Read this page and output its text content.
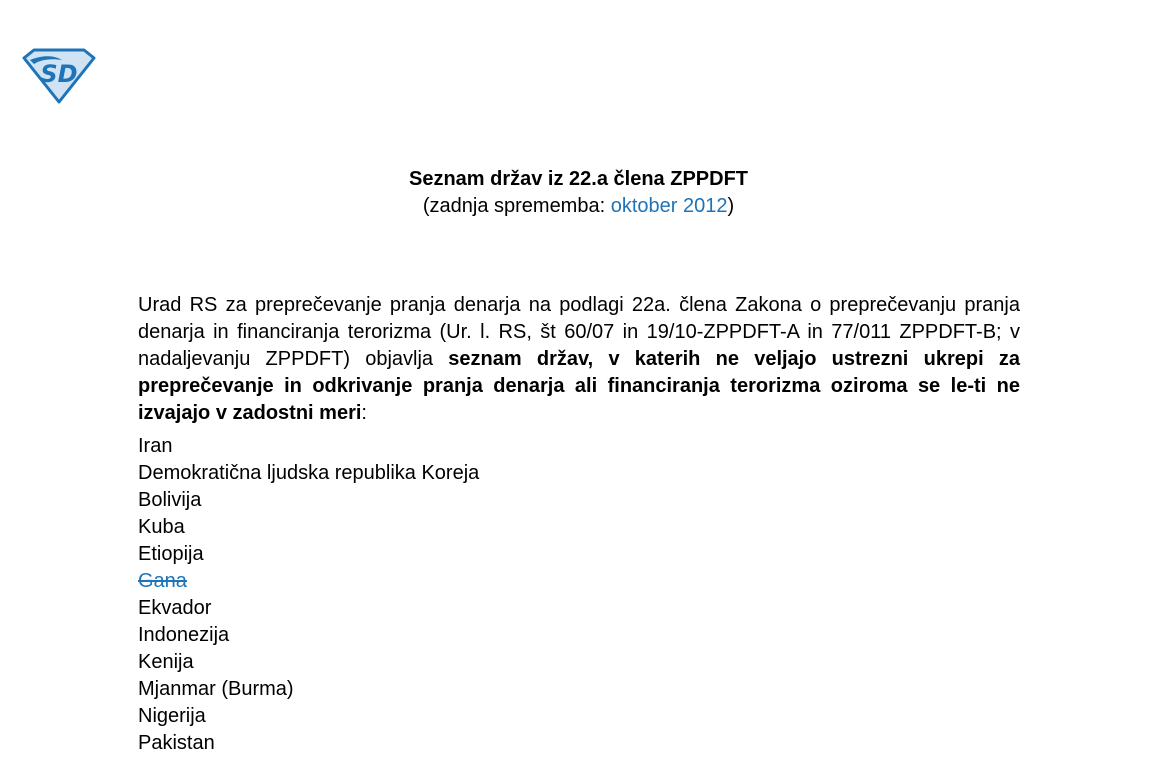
SD
Seznam držav iz 22.a člena ZPPDFT
(zadnja sprememba: oktober 2012)

Urad RS za preprečevanje pranja denarja na podlagi 22a. člena Zakona o preprečevanju pranja denarja in financiranja terorizma (Ur. l. RS, št 60/07 in 19/10-ZPPDFT-A in 77/011 ZPPDFT-B; v nadaljevanju ZPPDFT) objavlja seznam držav, v katerih ne veljajo ustrezni ukrepi za preprečevanje in odkrivanje pranja denarja ali financiranja terorizma oziroma se le-ti ne izvajajo v zadostni meri:

Iran
Demokratična ljudska republika Koreja
Bolivija
Kuba
Etiopija
Gana
Ekvador
Indonezija
Kenija
Mjanmar (Burma)
Nigerija
Pakistan
